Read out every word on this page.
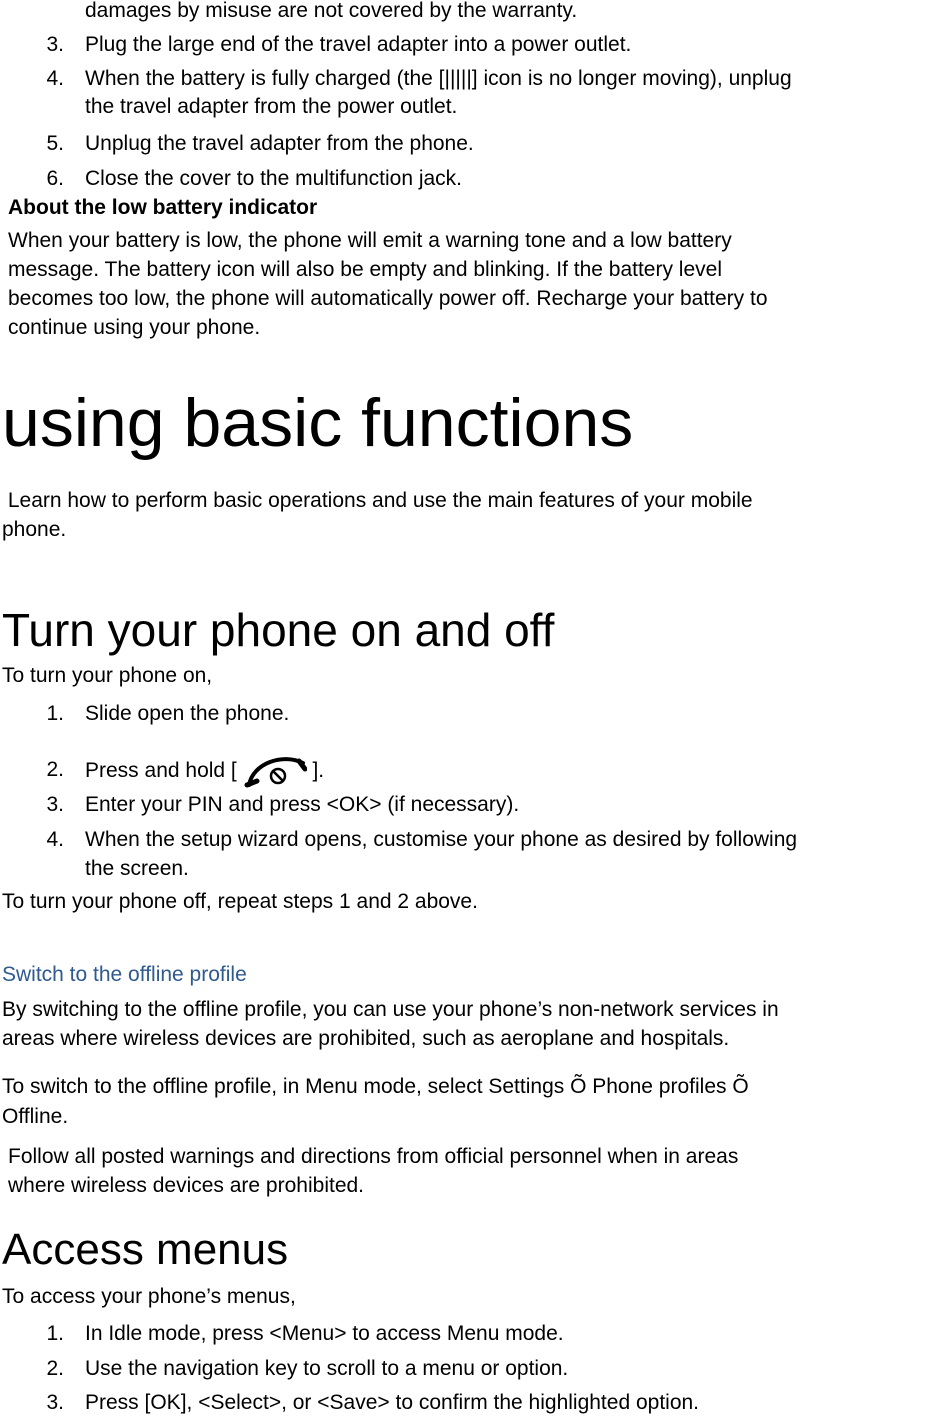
damages by misuse are not covered by the warranty.
3. Plug the large end of the travel adapter into a power outlet.
4. When the battery is fully charged (the [|||||] icon is no longer moving), unplug
the travel adapter from the power outlet.
5. Unplug the travel adapter from the phone.
6. Close the cover to the multifunction jack.
About the low battery indicator
When your battery is low, the phone will emit a warning tone and a low battery
message. The battery icon will also be empty and blinking. If the battery level
becomes too low, the phone will automatically power off. Recharge your battery to
continue using your phone.
using basic functions
Learn how to perform basic operations and use the main features of your mobile
phone.
Turn your phone on and off
To turn your phone on,
1. Slide open the phone.
2. Press and hold [	].
3. Enter your PIN and press <OK> (if necessary).
4. When the setup wizard opens, customise your phone as desired by following
the screen.
To turn your phone off, repeat steps 1 and 2 above.
Switch to the offline profile
By switching to the offline profile, you can use your phone’s non-network services in
areas where wireless devices are prohibited, such as aeroplane and hospitals.
To switch to the offline profile, in Menu mode, select Settings Õ Phone profiles Õ
Offline.
Follow all posted warnings and directions from official personnel when in areas
where wireless devices are prohibited.
Access menus
To access your phone’s menus,
1. In Idle mode, press <Menu> to access Menu mode.
2. Use the navigation key to scroll to a menu or option.
3. Press [OK], <Select>, or <Save> to confirm the highlighted option.
